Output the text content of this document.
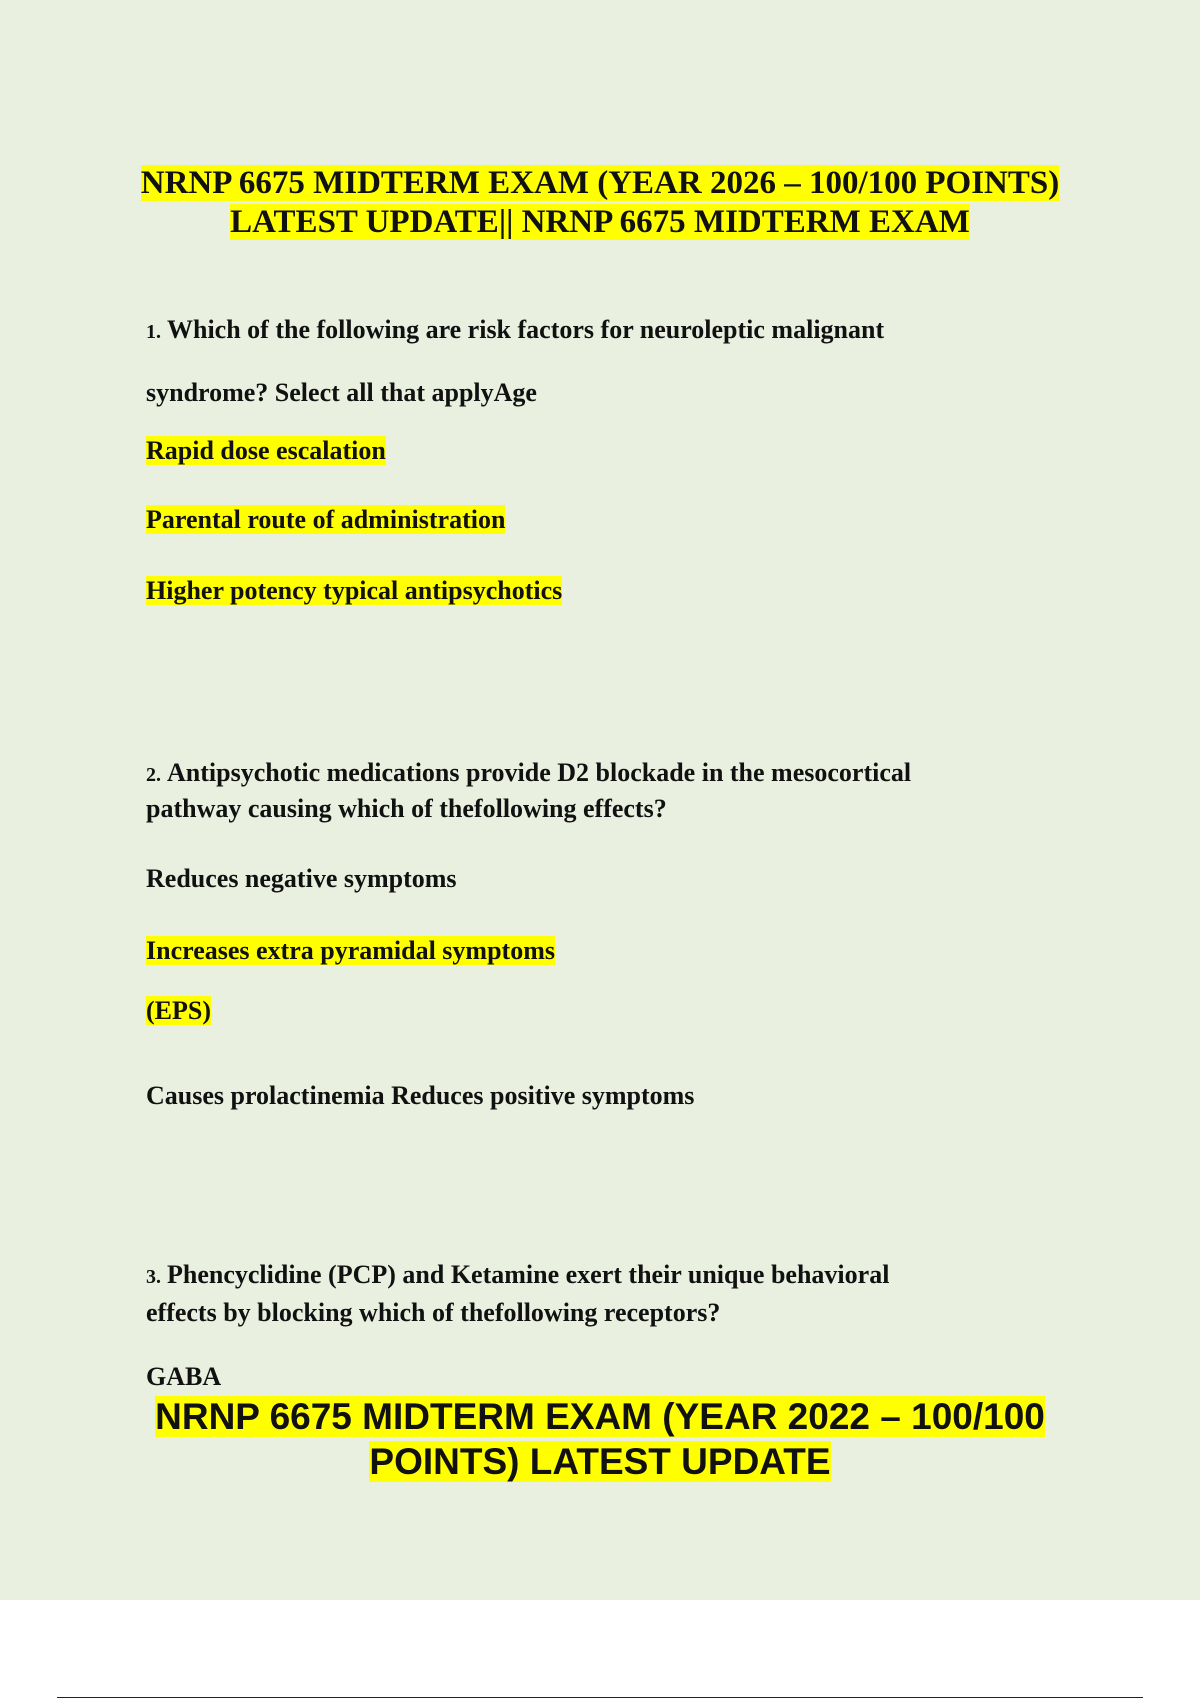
NRNP 6675 MIDTERM EXAM (YEAR 2026 – 100/100 POINTS)
LATEST UPDATE|| NRNP 6675 MIDTERM EXAM
1. Which of the following are risk factors for neuroleptic malignant
syndrome? Select all that applyAge
Rapid dose escalation
Parental route of administration
Higher potency typical antipsychotics
2. Antipsychotic medications provide D2 blockade in the mesocortical
pathway causing which of thefollowing effects?
Reduces negative symptoms
Increases extra pyramidal symptoms
(EPS)
Causes prolactinemia Reduces positive symptoms
3. Phencyclidine (PCP) and Ketamine exert their unique behavioral
effects by blocking which of thefollowing receptors?
GABA
NRNP 6675 MIDTERM EXAM (YEAR 2022 – 100/100
POINTS) LATEST UPDATE
